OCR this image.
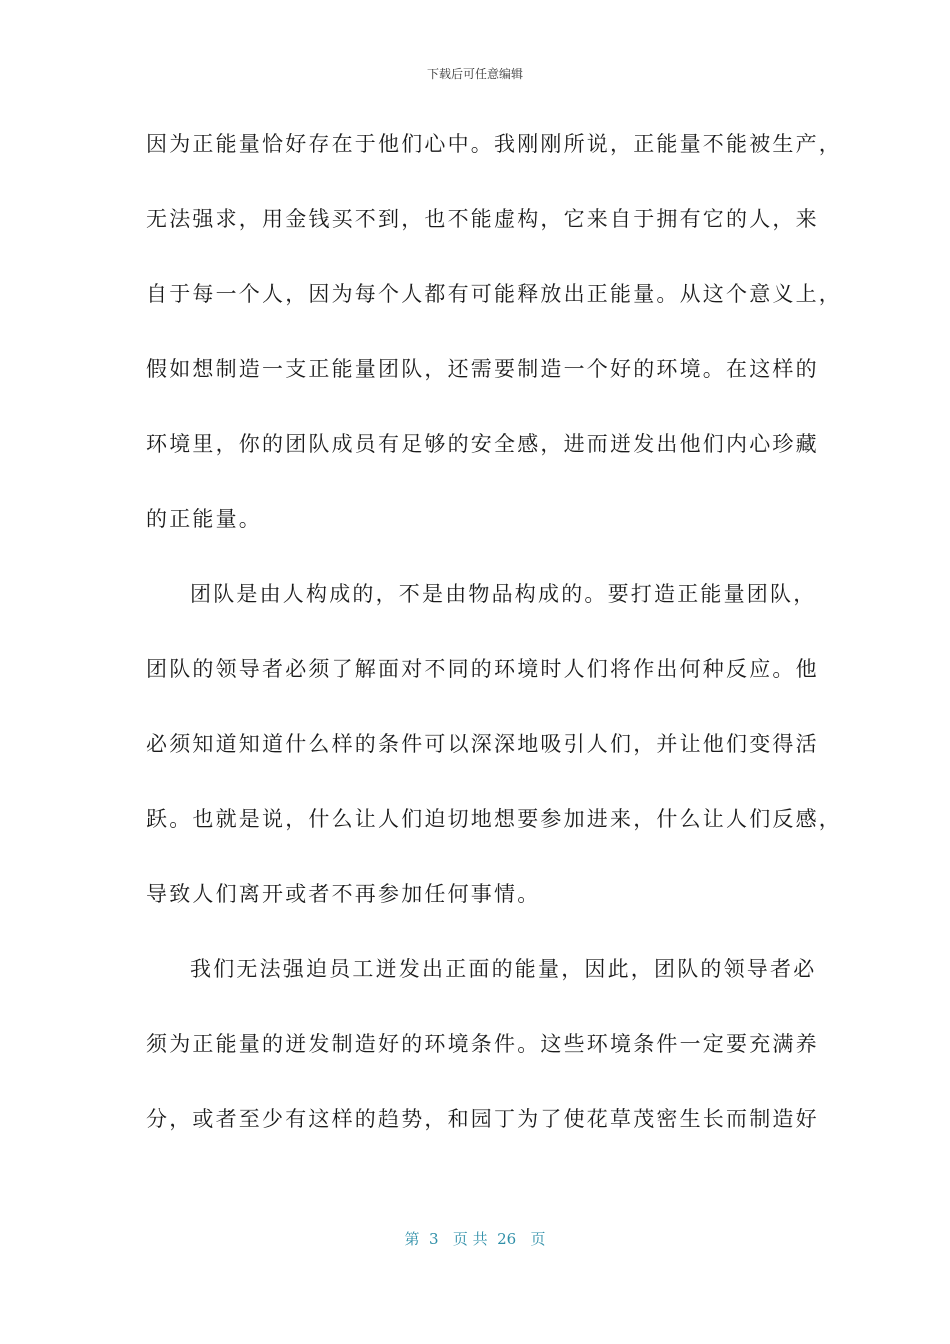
下载后可任意编辑
因为正能量恰好存在于他们心中。我刚刚所说，正能量不能被生产，
无法强求，用金钱买不到，也不能虚构，它来自于拥有它的人，来
自于每一个人，因为每个人都有可能释放出正能量。从这个意义上，
假如想制造一支正能量团队，还需要制造一个好的环境。在这样的
环境里，你的团队成员有足够的安全感，进而迸发出他们内心珍藏
的正能量。
团队是由人构成的，不是由物品构成的。要打造正能量团队，
团队的领导者必须了解面对不同的环境时人们将作出何种反应。他
必须知道知道什么样的条件可以深深地吸引人们，并让他们变得活
跃。也就是说，什么让人们迫切地想要参加进来，什么让人们反感，
导致人们离开或者不再参加任何事情。
我们无法强迫员工迸发出正面的能量，因此，团队的领导者必
须为正能量的迸发制造好的环境条件。这些环境条件一定要充满养
分，或者至少有这样的趋势，和园丁为了使花草茂密生长而制造好
第  3   页 共  26   页
